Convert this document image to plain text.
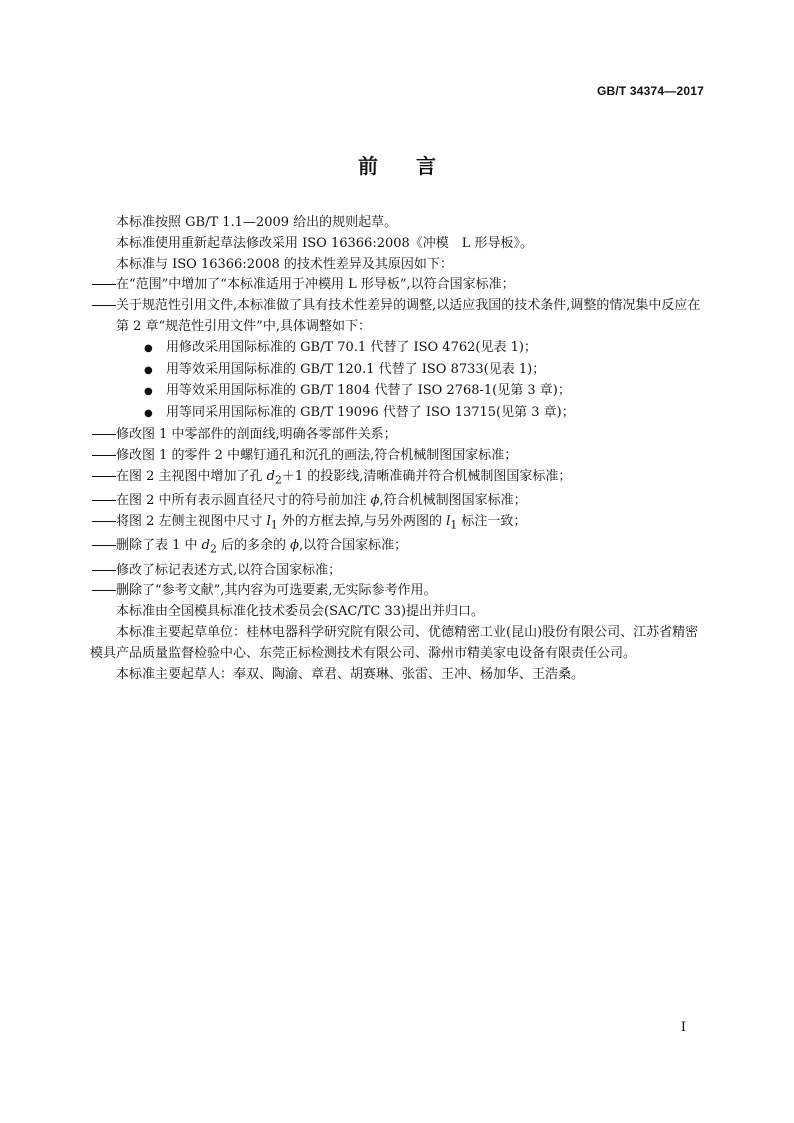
GB/T 34374—2017
前言

本标准按照 GB/T 1.1—2009 给出的规则起草。

本标准使用重新起草法修改采用 ISO 16366:2008《冲模　L 形导板》。

本标准与 ISO 16366:2008 的技术性差异及其原因如下：

在“范围”中增加了“本标准适用于冲模用 L 形导板”,以符合国家标准；

关于规范性引用文件,本标准做了具有技术性差异的调整,以适应我国的技术条件,调整的情况集中反应在第 2 章“规范性引用文件”中,具体调整如下：

●用修改采用国际标准的 GB/T 70.1 代替了 ISO 4762(见表 1)；

●用等效采用国际标准的 GB/T 120.1 代替了 ISO 8733(见表 1)；

●用等效采用国际标准的 GB/T 1804 代替了 ISO 2768-1(见第 3 章)；

●用等同采用国际标准的 GB/T 19096 代替了 ISO 13715(见第 3 章)；

修改图 1 中零部件的剖面线,明确各零部件关系；

修改图 1 的零件 2 中螺钉通孔和沉孔的画法,符合机械制图国家标准；

在图 2 主视图中增加了孔 $d_2+1$ 的投影线,清晰准确并符合机械制图国家标准；

在图 2 中所有表示圆直径尺寸的符号前加注 ϕ,符合机械制图国家标准；

将图 2 左侧主视图中尺寸 $l_1$ 外的方框去掉,与另外两图的 $l_1$ 标注一致；

删除了表 1 中 $d_2$ 后的多余的 ϕ,以符合国家标准；

修改了标记表述方式,以符合国家标准；

删除了“参考文献”,其内容为可选要素,无实际参考作用。

本标准由全国模具标准化技术委员会(SAC/TC 33)提出并归口。

本标准主要起草单位：桂林电器科学研究院有限公司、优德精密工业(昆山)股份有限公司、江苏省精密模具产品质量监督检验中心、东莞正标检测技术有限公司、滁州市精美家电设备有限责任公司。

本标准主要起草人：奉双、陶渝、章君、胡赛琳、张雷、王冲、杨加华、王浩桑。

I
